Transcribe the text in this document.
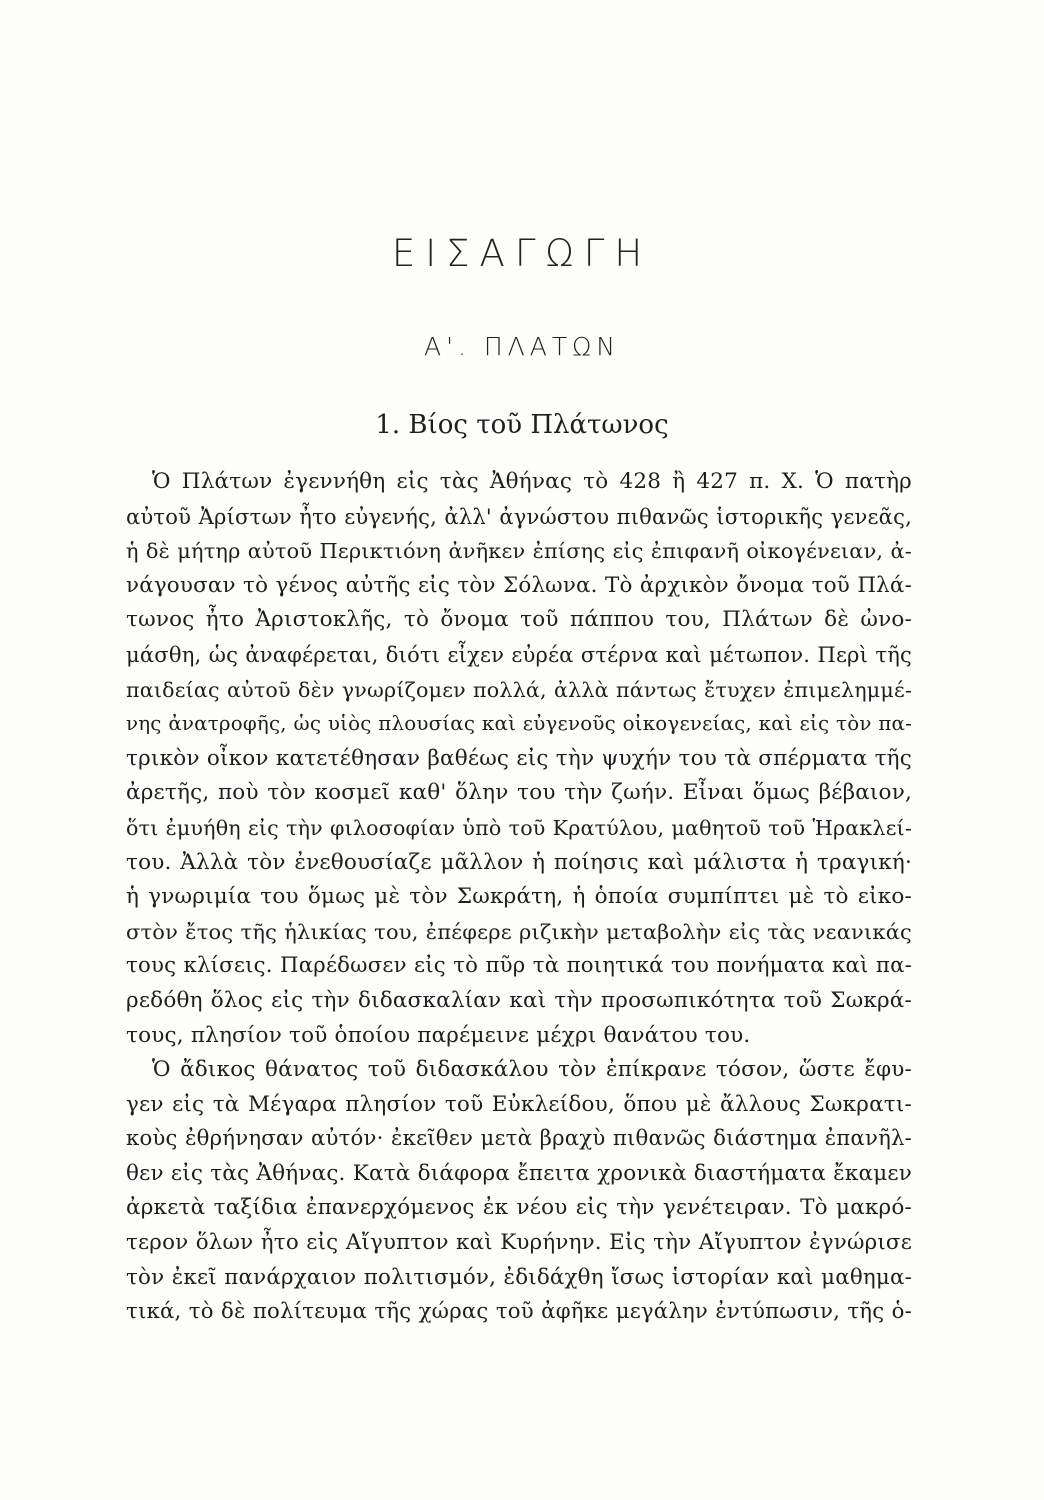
ΕΙΣΑΓΩΓΗ
Α'. ΠΛΑΤΩΝ
1. Βίος τοῦ Πλάτωνος
Ὁ Πλάτων ἐγεννήθη εἰς τὰς Ἀθήνας τὸ 428 ἢ 427 π. Χ. Ὁ πατὴρ
αὐτοῦ Ἀρίστων ἦτο εὐγενής, ἀλλ' ἀγνώστου πιθανῶς ἱστορικῆς γενεᾶς,
ἡ δὲ μήτηρ αὐτοῦ Περικτιόνη ἀνῆκεν ἐπίσης εἰς ἐπιφανῆ οἰκογένειαν, ἀ-
νάγουσαν τὸ γένος αὐτῆς εἰς τὸν Σόλωνα. Τὸ ἀρχικὸν ὄνομα τοῦ Πλά-
τωνος ἦτο Ἀριστοκλῆς, τὸ ὄνομα τοῦ πάππου του, Πλάτων δὲ ὠνο-
μάσθη, ὡς ἀναφέρεται, διότι εἶχεν εὐρέα στέρνα καὶ μέτωπον. Περὶ τῆς
παιδείας αὐτοῦ δὲν γνωρίζομεν πολλά, ἀλλὰ πάντως ἔτυχεν ἐπιμελημμέ-
νης ἀνατροφῆς, ὡς υἱὸς πλουσίας καὶ εὐγενοῦς οἰκογενείας, καὶ εἰς τὸν πα-
τρικὸν οἶκον κατετέθησαν βαθέως εἰς τὴν ψυχήν του τὰ σπέρματα τῆς
ἀρετῆς, ποὺ τὸν κοσμεῖ καθ' ὅλην του τὴν ζωήν. Εἶναι ὅμως βέβαιον,
ὅτι ἐμυήθη εἰς τὴν φιλοσοφίαν ὑπὸ τοῦ Κρατύλου, μαθητοῦ τοῦ Ἡρακλεί-
του. Ἀλλὰ τὸν ἐνεθουσίαζε μᾶλλον ἡ ποίησις καὶ μάλιστα ἡ τραγική·
ἡ γνωριμία του ὅμως μὲ τὸν Σωκράτη, ἡ ὁποία συμπίπτει μὲ τὸ εἰκο-
στὸν ἔτος τῆς ἡλικίας του, ἐπέφερε ριζικὴν μεταβολὴν εἰς τὰς νεανικάς
τους κλίσεις. Παρέδωσεν εἰς τὸ πῦρ τὰ ποιητικά του πονήματα καὶ πα-
ρεδόθη ὅλος εἰς τὴν διδασκαλίαν καὶ τὴν προσωπικότητα τοῦ Σωκρά-
τους, πλησίον τοῦ ὁποίου παρέμεινε μέχρι θανάτου του.
Ὁ ἄδικος θάνατος τοῦ διδασκάλου τὸν ἐπίκρανε τόσον, ὥστε ἔφυ-
γεν εἰς τὰ Μέγαρα πλησίον τοῦ Εὐκλείδου, ὅπου μὲ ἄλλους Σωκρατι-
κοὺς ἐθρήνησαν αὐτόν· ἐκεῖθεν μετὰ βραχὺ πιθανῶς διάστημα ἐπανῆλ-
θεν εἰς τὰς Ἀθήνας. Κατὰ διάφορα ἔπειτα χρονικὰ διαστήματα ἔκαμεν
ἀρκετὰ ταξίδια ἐπανερχόμενος ἐκ νέου εἰς τὴν γενέτειραν. Τὸ μακρό-
τερον ὅλων ἦτο εἰς Αἴγυπτον καὶ Κυρήνην. Εἰς τὴν Αἴγυπτον ἐγνώρισε
τὸν ἐκεῖ πανάρχαιον πολιτισμόν, ἐδιδάχθη ἴσως ἱστορίαν καὶ μαθημα-
τικά, τὸ δὲ πολίτευμα τῆς χώρας τοῦ ἀφῆκε μεγάλην ἐντύπωσιν, τῆς ὁ-
